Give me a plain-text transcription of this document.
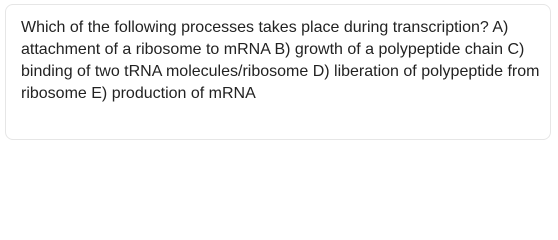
Which of the following processes takes place during transcription? A) attachment of a ribosome to mRNA B) growth of a polypeptide chain C) binding of two tRNA molecules/ribosome D) liberation of polypeptide from ribosome E) production of mRNA
